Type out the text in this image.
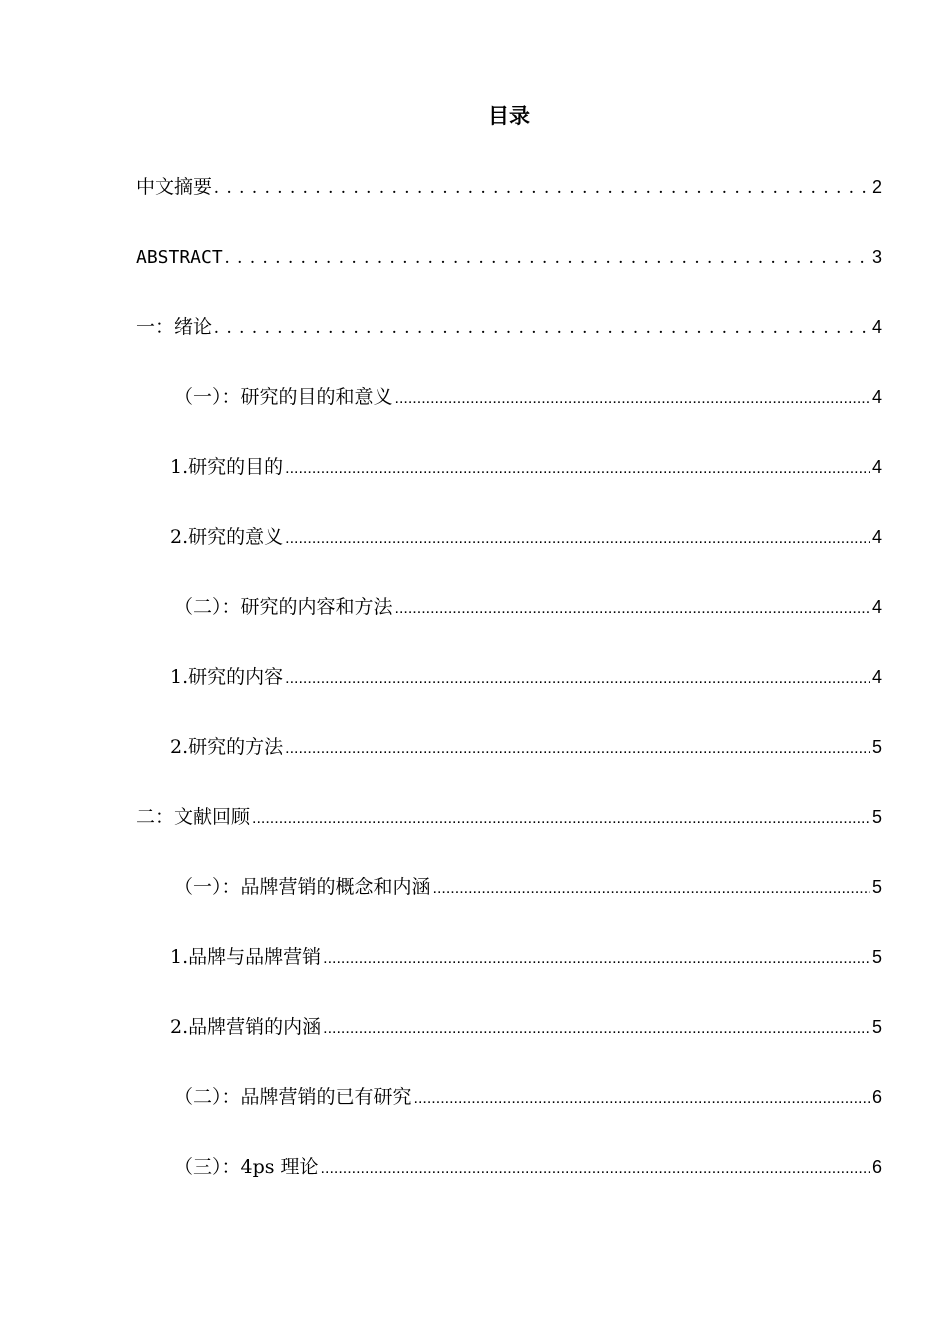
目录
中文摘要 . . .	2
ABSTRACT . . .	3
一：绪论 . . .	4
（一）：研究的目的和意义 .....	4
1.研究的目的 .....	4
2.研究的意义 .....	4
（二）：研究的内容和方法 .....	4
1.研究的内容 .....	4
2.研究的方法 .....	5
二：文献回顾 .....	5
（一）：品牌营销的概念和内涵 .....	5
1.品牌与品牌营销 .....	5
2.品牌营销的内涵 .....	5
（二）：品牌营销的已有研究 .....	6
（三）：4ps 理论 .....	6
